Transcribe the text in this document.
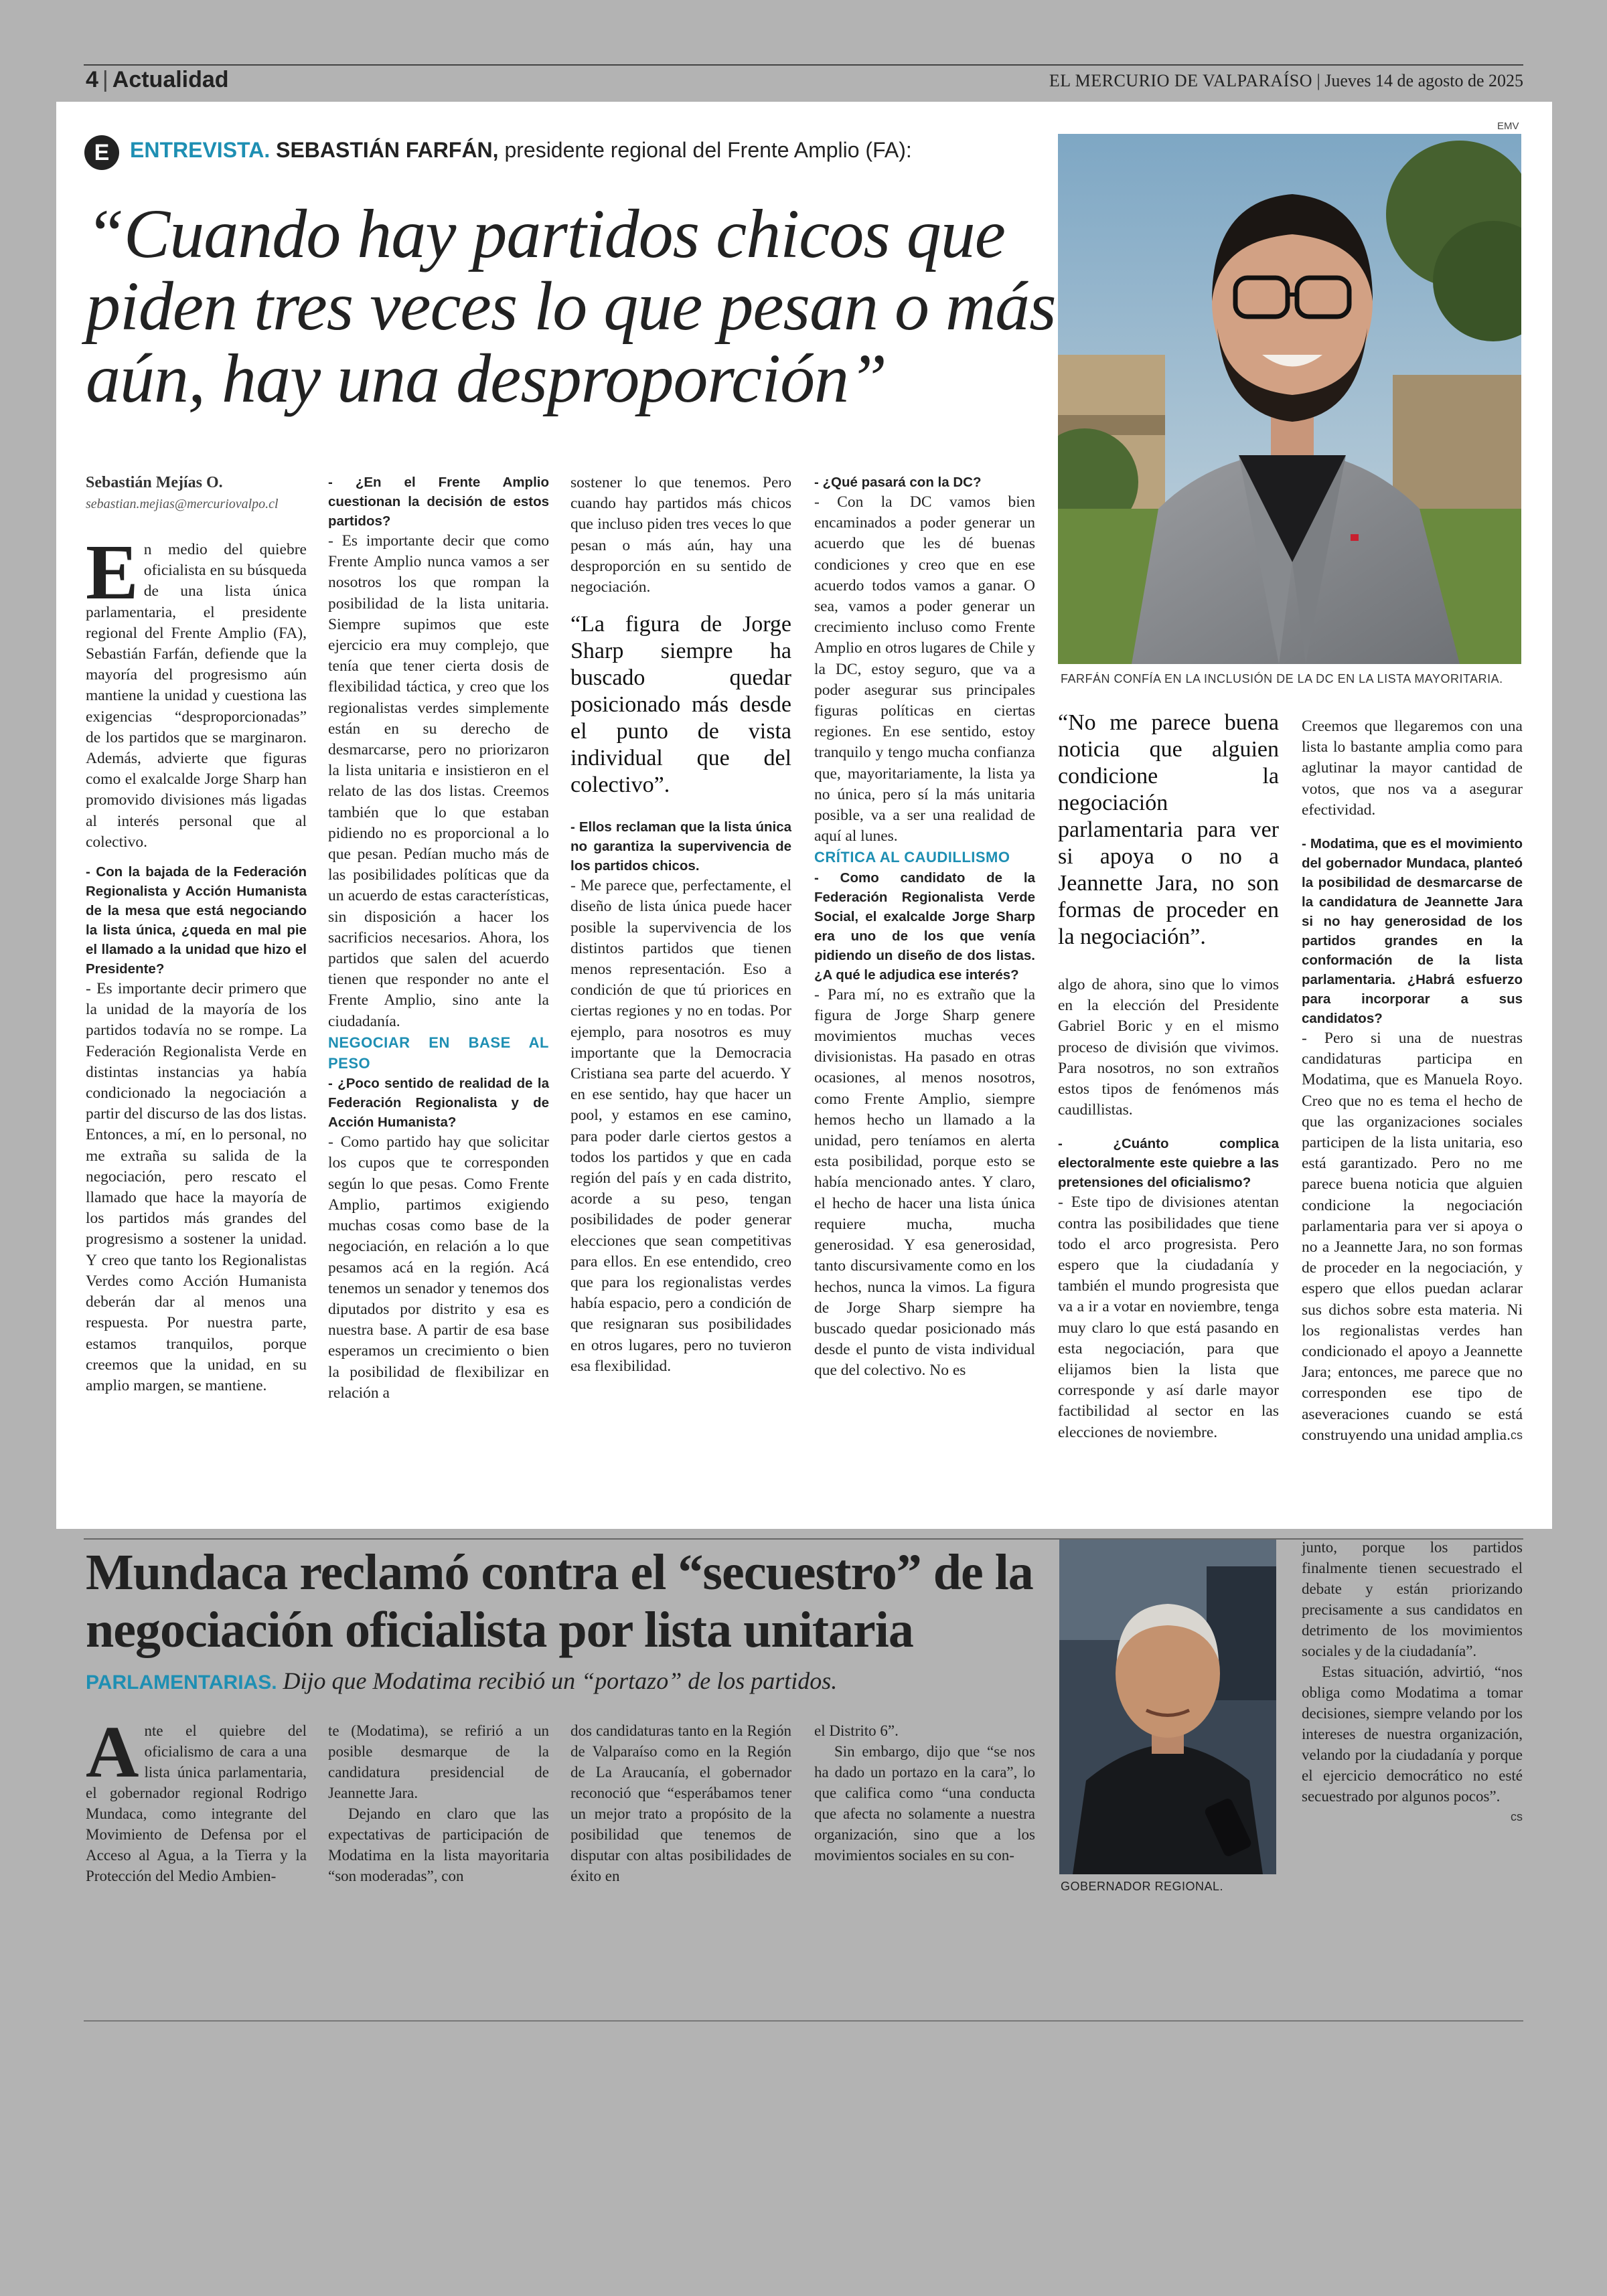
4 | Actualidad	EL MERCURIO DE VALPARAÍSO | Jueves 14 de agosto de 2025
E ENTREVISTA. SEBASTIÁN FARFÁN, presidente regional del Frente Amplio (FA):
“Cuando hay partidos chicos que piden tres veces lo que pesan o más aún, hay una desproporción”
EMV
FARFÁN CONFÍA EN LA INCLUSIÓN DE LA DC EN LA LISTA MAYORITARIA.
Sebastián Mejías O.
sebastian.mejias@mercuriovalpo.cl

En medio del quiebre oficialista en su búsqueda de una lista única parlamentaria, el presidente regional del Frente Amplio (FA), Sebastián Farfán, defiende que la mayoría del progresismo aún mantiene la unidad y cuestiona las exigencias “desproporcionadas” de los partidos que se marginaron. Además, advierte que figuras como el exalcalde Jorge Sharp han promovido divisiones más ligadas al interés personal que al colectivo.

- Con la bajada de la Federación Regionalista y Acción Humanista de la mesa que está negociando la lista única, ¿queda en mal pie el llamado a la unidad que hizo el Presidente?

- Es importante decir primero que la unidad de la mayoría de los partidos todavía no se rompe. La Federación Regionalista Verde en distintas instancias ya había condicionado la negociación a partir del discurso de las dos listas. Entonces, a mí, en lo personal, no me extraña su salida de la negociación, pero rescato el llamado que hace la mayoría de los partidos más grandes del progresismo a sostener la unidad. Y creo que tanto los Regionalistas Verdes como Acción Humanista deberán dar al menos una respuesta. Por nuestra parte, estamos tranquilos, porque creemos que la unidad, en su amplio margen, se mantiene.

- ¿En el Frente Amplio cuestionan la decisión de estos partidos?

- Es importante decir que como Frente Amplio nunca vamos a ser nosotros los que rompan la posibilidad de la lista unitaria. Siempre supimos que este ejercicio era muy complejo, que tenía que tener cierta dosis de flexibilidad táctica, y creo que los regionalistas verdes simplemente están en su derecho de desmarcarse, pero no priorizaron la lista unitaria e insistieron en el relato de las dos listas. Creemos también que lo que estaban pidiendo no es proporcional a lo que pesan. Pedían mucho más de las posibilidades políticas que da un acuerdo de estas características, sin disposición a hacer los sacrificios necesarios. Ahora, los partidos que salen del acuerdo tienen que responder no ante el Frente Amplio, sino ante la ciudadanía.

NEGOCIAR EN BASE AL PESO

- ¿Poco sentido de realidad de la Federación Regionalista y de Acción Humanista?

- Como partido hay que solicitar los cupos que te corresponden según lo que pesas. Como Frente Amplio, partimos exigiendo muchas cosas como base de la negociación, en relación a lo que pesamos acá en la región. Acá tenemos un senador y tenemos dos diputados por distrito y esa es nuestra base. A partir de esa base esperamos un crecimiento o bien la posibilidad de flexibilizar en relación a

sostener lo que tenemos. Pero cuando hay partidos más chicos que incluso piden tres veces lo que pesan o más aún, hay una desproporción en su sentido de negociación.

“La figura de Jorge Sharp siempre ha buscado quedar posicionado más desde el punto de vista individual que del colectivo”.

- Ellos reclaman que la lista única no garantiza la supervivencia de los partidos chicos.

- Me parece que, perfectamente, el diseño de lista única puede hacer posible la supervivencia de los distintos partidos que tienen menos representación. Eso a condición de que tú priorices en ciertas regiones y no en todas. Por ejemplo, para nosotros es muy importante que la Democracia Cristiana sea parte del acuerdo. Y en ese sentido, hay que hacer un pool, y estamos en ese camino, para poder darle ciertos gestos a todos los partidos y que en cada región del país y en cada distrito, acorde a su peso, tengan posibilidades de poder generar elecciones que sean competitivas para ellos. En ese entendido, creo que para los regionalistas verdes había espacio, pero a condición de que resignaran sus posibilidades en otros lugares, pero no tuvieron esa flexibilidad.

- ¿Qué pasará con la DC?

- Con la DC vamos bien encaminados a poder generar un acuerdo que les dé buenas condiciones y creo que en ese acuerdo todos vamos a ganar. O sea, vamos a poder generar un crecimiento incluso como Frente Amplio en otros lugares de Chile y la DC, estoy seguro, que va a poder asegurar sus principales figuras políticas en ciertas regiones. En ese sentido, estoy tranquilo y tengo mucha confianza que, mayoritariamente, la lista ya no única, pero sí la más unitaria posible, va a ser una realidad de aquí al lunes.

CRÍTICA AL CAUDILLISMO

- Como candidato de la Federación Regionalista Verde Social, el exalcalde Jorge Sharp era uno de los que venía pidiendo un diseño de dos listas. ¿A qué le adjudica ese interés?

- Para mí, no es extraño que la figura de Jorge Sharp genere movimientos muchas veces divisionistas. Ha pasado en otras ocasiones, al menos nosotros, como Frente Amplio, siempre hemos hecho un llamado a la unidad, pero teníamos en alerta esta posibilidad, porque esto se había mencionado antes. Y claro, el hecho de hacer una lista única requiere mucha, mucha generosidad. Y esa generosidad, tanto discursivamente como en los hechos, nunca la vimos. La figura de Jorge Sharp siempre ha buscado quedar posicionado más desde el punto de vista individual que del colectivo. No es

“No me parece buena noticia que alguien condicione la negociación parlamentaria para ver si apoya o no a Jeannette Jara, no son formas de proceder en la negociación”.

algo de ahora, sino que lo vimos en la elección del Presidente Gabriel Boric y en el mismo proceso de división que vivimos. Para nosotros, no son extraños estos tipos de fenómenos más caudillistas.

- ¿Cuánto complica electoralmente este quiebre a las pretensiones del oficialismo?

- Este tipo de divisiones atentan contra las posibilidades que tiene todo el arco progresista. Pero espero que la ciudadanía y también el mundo progresista que va a ir a votar en noviembre, tenga muy claro lo que está pasando en esta negociación, para que elijamos bien la lista que corresponde y así darle mayor factibilidad al sector en las elecciones de noviembre.

Creemos que llegaremos con una lista lo bastante amplia como para aglutinar la mayor cantidad de votos, que nos va a asegurar efectividad.

- Modatima, que es el movimiento del gobernador Mundaca, planteó la posibilidad de desmarcarse de la candidatura de Jeannette Jara si no hay generosidad de los partidos grandes en la conformación de la lista parlamentaria. ¿Habrá esfuerzo para incorporar a sus candidatos?

- Pero si una de nuestras candidaturas participa en Modatima, que es Manuela Royo. Creo que no es tema el hecho de que las organizaciones sociales participen de la lista unitaria, eso está garantizado. Pero no me parece buena noticia que alguien condicione la negociación parlamentaria para ver si apoya o no a Jeannette Jara, no son formas de proceder en la negociación, y espero que ellos puedan aclarar sus dichos sobre esta materia. Ni los regionalistas verdes han condicionado el apoyo a Jeannette Jara; entonces, me parece que no corresponden ese tipo de aseveraciones cuando se está construyendo una unidad amplia. cs

Mundaca reclamó contra el “secuestro” de la negociación oficialista por lista unitaria
PARLAMENTARIAS. Dijo que Modatima recibió un “portazo” de los partidos.

Ante el quiebre del oficialismo de cara a una lista única parlamentaria, el gobernador regional Rodrigo Mundaca, como integrante del Movimiento de Defensa por el Acceso al Agua, a la Tierra y la Protección del Medio Ambien-

te (Modatima), se refirió a un posible desmarque de la candidatura presidencial de Jeannette Jara.

Dejando en claro que las expectativas de participación de Modatima en la lista mayoritaria “son moderadas”, con

dos candidaturas tanto en la Región de Valparaíso como en la Región de La Araucanía, el gobernador reconoció que “esperábamos tener un mejor trato a propósito de la posibilidad que tenemos de disputar con altas posibilidades de éxito en

el Distrito 6”.

Sin embargo, dijo que “se nos ha dado un portazo en la cara”, lo que califica como “una conducta que afecta no solamente a nuestra organización, sino que a los movimientos sociales en su con-

GOBERNADOR REGIONAL.

junto, porque los partidos finalmente tienen secuestrado el debate y están priorizando precisamente a sus candidatos en detrimento de los movimientos sociales y de la ciudadanía”.

Estas situación, advirtió, “nos obliga como Modatima a tomar decisiones, siempre velando por los intereses de nuestra organización, velando por la ciudadanía y porque el ejercicio democrático no esté secuestrado por algunos pocos”.
cs
